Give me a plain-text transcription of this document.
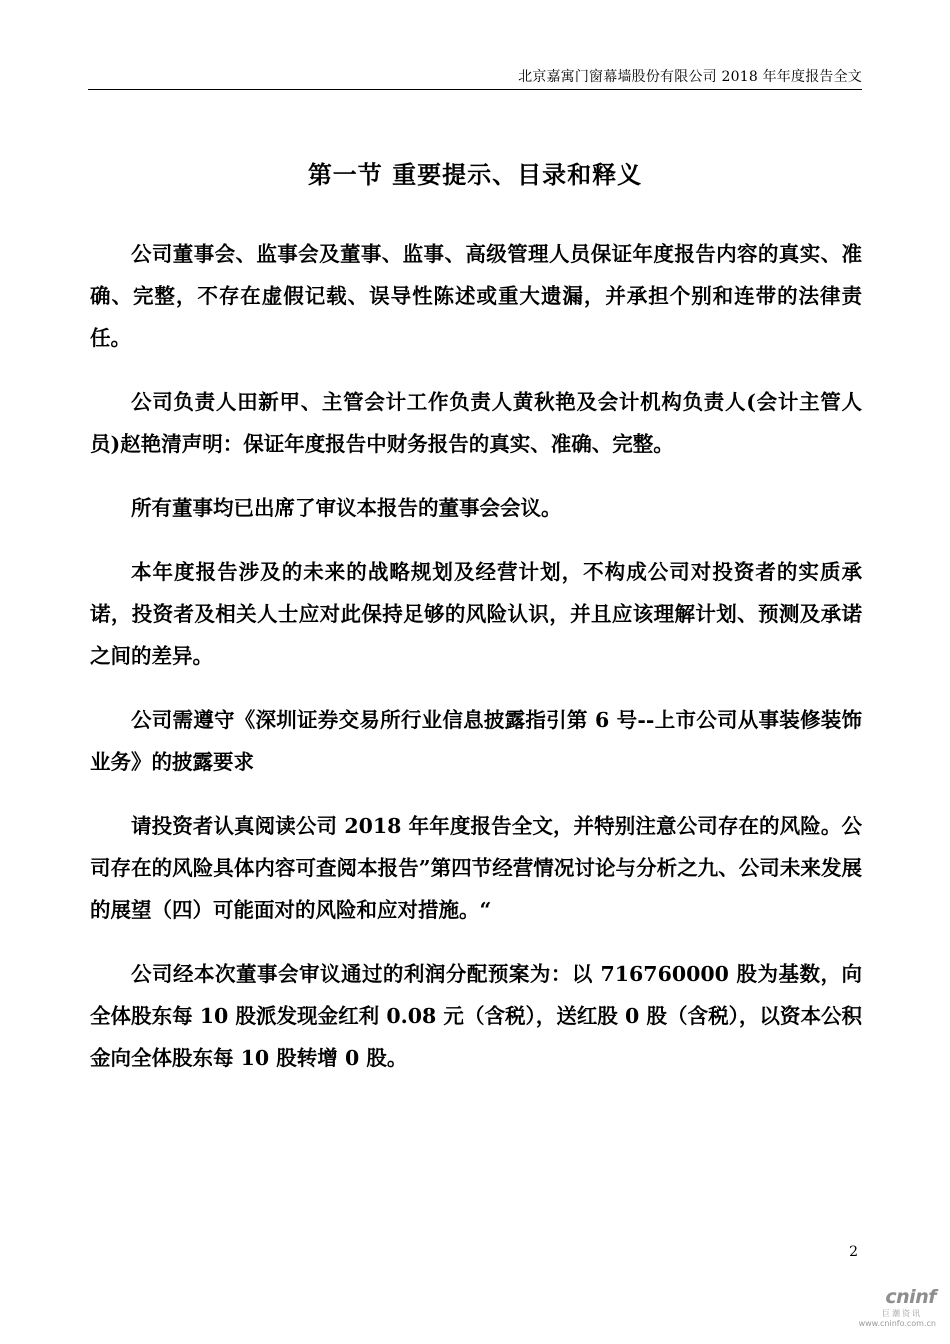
北京嘉寓门窗幕墙股份有限公司 2018 年年度报告全文
第一节 重要提示、目录和释义

公司董事会、监事会及董事、监事、高级管理人员保证年度报告内容的真实、准确、完整，不存在虚假记载、误导性陈述或重大遗漏，并承担个别和连带的法律责任。

公司负责人田新甲、主管会计工作负责人黄秋艳及会计机构负责人(会计主管人员)赵艳清声明：保证年度报告中财务报告的真实、准确、完整。

所有董事均已出席了审议本报告的董事会会议。

本年度报告涉及的未来的战略规划及经营计划，不构成公司对投资者的实质承诺，投资者及相关人士应对此保持足够的风险认识，并且应该理解计划、预测及承诺之间的差异。

公司需遵守《深圳证券交易所行业信息披露指引第 6 号--上市公司从事装修装饰业务》的披露要求

请投资者认真阅读公司 2018 年年度报告全文，并特别注意公司存在的风险。公司存在的风险具体内容可查阅本报告”第四节经营情况讨论与分析之九、公司未来发展的展望（四）可能面对的风险和应对措施。“

公司经本次董事会审议通过的利润分配预案为：以 716760000 股为基数，向全体股东每 10 股派发现金红利 0.08 元（含税），送红股 0 股（含税），以资本公积金向全体股东每 10 股转增 0 股。

2
cninf
巨潮资讯
www.cninfo.com.cn
